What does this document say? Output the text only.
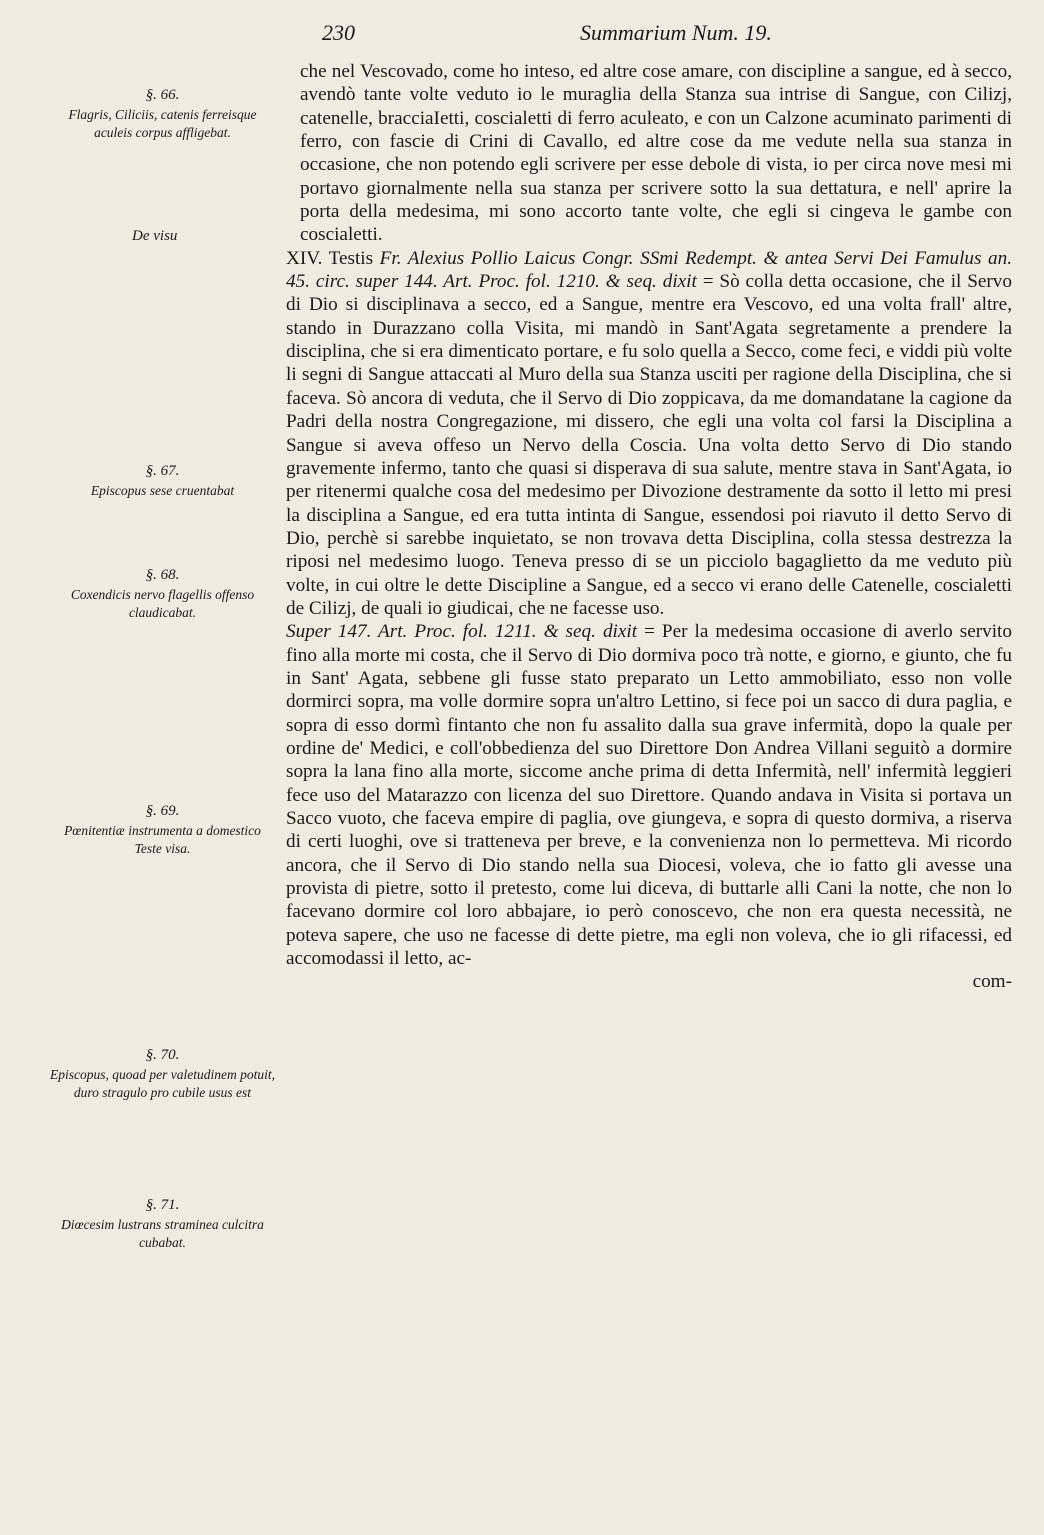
230	Summarium Num. 19.
§. 66.
Flagris, Ciliciis, catenis ferreisque aculeis corpus affligebat.
De visu
§. 67.
Episcopus sese cruentabat
§. 68.
Coxendicis nervo flagellis offenso claudicabat.
§. 69.
Pœnitentiæ instrumenta a domestico Teste visa.
§. 70.
Episcopus, quoad per valetudinem potuit, duro stragulo pro cubile usus est
§. 71.
Diœcesim lustrans straminea culcitra cubabat.

che nel Vescovado, come ho inteso, ed altre cose amare, con discipline a sangue, ed à secco, avendò tante volte veduto io le muraglia della Stanza sua intrise di Sangue, con Cilizj, catenelle, bracciaIetti, coscialetti di ferro aculeato, e con un Calzone acuminato parimenti di ferro, con fascie di Crini di Cavallo, ed altre cose da me vedute nella sua stanza in occasione, che non potendo egli scrivere per esse debole di vista, io per circa nove mesi mi portavo giornalmente nella sua stanza per scrivere sotto la sua dettatura, e nell' aprire la porta della medesima, mi sono accorto tante volte, che egli si cingeva le gambe con coscialetti.

XIV. Testis Fr. Alexius Pollio Laicus Congr. SSmi Redempt. & antea Servi Dei Famulus an. 45. circ. super 144. Art. Proc. fol. 1210. & seq. dixit = Sò colla detta occasione, che il Servo di Dio si disciplinava a secco, ed a Sangue, mentre era Vescovo, ed una volta frall' altre, stando in Durazzano colla Visita, mi mandò in Sant'Agata segretamente a prendere la disciplina, che si era dimenticato portare, e fu solo quella a Secco, come feci, e viddi più volte li segni di Sangue attaccati al Muro della sua Stanza usciti per ragione della Disciplina, che si faceva. Sò ancora di veduta, che il Servo di Dio zoppicava, da me domandatane la cagione da Padri della nostra Congregazione, mi dissero, che egli una volta col farsi la Disciplina a Sangue si aveva offeso un Nervo della Coscia. Una volta detto Servo di Dio stando gravemente infermo, tanto che quasi si disperava di sua salute, mentre stava in Sant'Agata, io per ritenermi qualche cosa del medesimo per Divozione destramente da sotto il letto mi presi la disciplina a Sangue, ed era tutta intinta di Sangue, essendosi poi riavuto il detto Servo di Dio, perchè si sarebbe inquietato, se non trovava detta Disciplina, colla stessa destrezza la riposi nel medesimo luogo. Teneva presso di se un picciolo bagaglietto da me veduto più volte, in cui oltre le dette Discipline a Sangue, ed a secco vi erano delle Catenelle, coscialetti de Cilizj, de quali io giudicai, che ne facesse uso.

Super 147. Art. Proc. fol. 1211. & seq. dixit = Per la medesima occasione di averlo servito fino alla morte mi costa, che il Servo di Dio dormiva poco trà notte, e giorno, e giunto, che fu in Sant' Agata, sebbene gli fusse stato preparato un Letto ammobiliato, esso non volle dormirci sopra, ma volle dormire sopra un'altro Lettino, si fece poi un sacco di dura paglia, e sopra di esso dormì fintanto che non fu assalito dalla sua grave infermità, dopo la quale per ordine de' Medici, e coll'obbedienza del suo Direttore Don Andrea Villani seguitò a dormire sopra la lana fino alla morte, siccome anche prima di detta Infermità, nell' infermità leggieri fece uso del Matarazzo con licenza del suo Direttore. Quando andava in Visita si portava un Sacco vuoto, che faceva empire di paglia, ove giungeva, e sopra di questo dormiva, a riserva di certi luoghi, ove si tratteneva per breve, e la convenienza non lo permetteva. Mi ricordo ancora, che il Servo di Dio stando nella sua Diocesi, voleva, che io fatto gli avesse una provista di pietre, sotto il pretesto, come lui diceva, di buttarle alli Cani la notte, che non lo facevano dormire col loro abbajare, io però conoscevo, che non era questa necessità, ne poteva sapere, che uso ne facesse di dette pietre, ma egli non voleva, che io gli rifacessi, ed accomodassi il letto, ac-

com-
